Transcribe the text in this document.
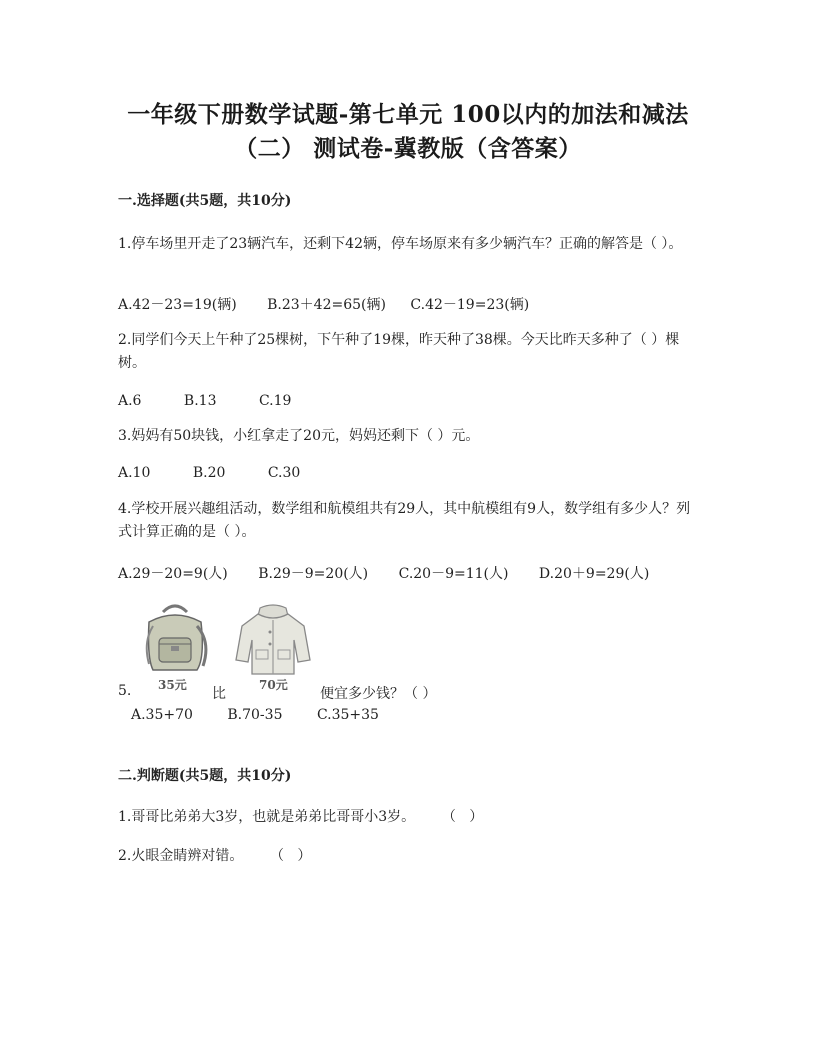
一年级下册数学试题-第七单元 100以内的加法和减法
（二） 测试卷-冀教版（含答案）
一.选择题(共5题，共10分)
1.停车场里开走了23辆汽车，还剩下42辆，停车场原来有多少辆汽车？正确的解答是（ ）。
A.42－23=19(辆) B.23＋42=65(辆) C.42－19=23(辆)
2.同学们今天上午种了25棵树，下午种了19棵，昨天种了38棵。今天比昨天多种了（ ）棵树。
A.6	B.13	C.19
3.妈妈有50块钱，小红拿走了20元，妈妈还剩下（ ）元。
A.10	B.20	C.30
4.学校开展兴趣组活动，数学组和航模组共有29人，其中航模组有9人，数学组有多少人？列式计算正确的是（ ）。
A.29－20=9(人) B.29－9=20(人) C.20－9=11(人) D.20＋9=29(人)
35元	70元
5.	比	便宜多少钱？（ ）
A.35+70 B.70-35 C.35+35
二.判断题(共5题，共10分)
1.哥哥比弟弟大3岁，也就是弟弟比哥哥小3岁。      （   ）
2.火眼金睛辨对错。      （   ）
